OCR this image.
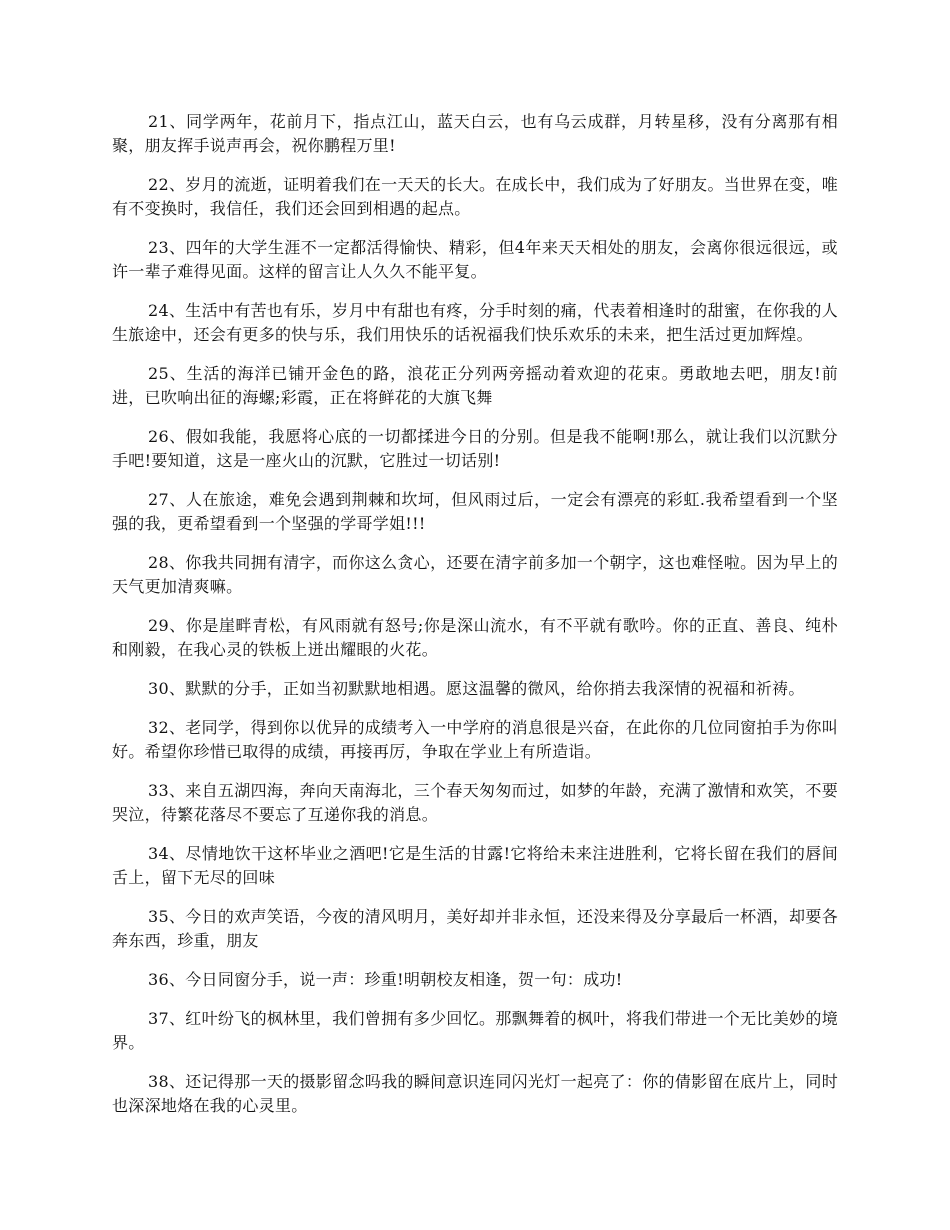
21、同学两年，花前月下，指点江山，蓝天白云，也有乌云成群，月转星移，没有分离那有相聚，朋友挥手说声再会，祝你鹏程万里!

22、岁月的流逝，证明着我们在一天天的长大。在成长中，我们成为了好朋友。当世界在变，唯有不变换时，我信任，我们还会回到相遇的起点。

23、四年的大学生涯不一定都活得愉快、精彩，但4年来天天相处的朋友，会离你很远很远，或许一辈子难得见面。这样的留言让人久久不能平复。

24、生活中有苦也有乐，岁月中有甜也有疼，分手时刻的痛，代表着相逢时的甜蜜，在你我的人生旅途中，还会有更多的快与乐，我们用快乐的话祝福我们快乐欢乐的未来，把生活过更加辉煌。

25、生活的海洋已铺开金色的路，浪花正分列两旁摇动着欢迎的花束。勇敢地去吧，朋友!前进，已吹响出征的海螺;彩霞，正在将鲜花的大旗飞舞

26、假如我能，我愿将心底的一切都揉进今日的分别。但是我不能啊!那么，就让我们以沉默分手吧!要知道，这是一座火山的沉默，它胜过一切话别!

27、人在旅途，难免会遇到荆棘和坎坷，但风雨过后，一定会有漂亮的彩虹.我希望看到一个坚强的我，更希望看到一个坚强的学哥学姐!!!

28、你我共同拥有清字，而你这么贪心，还要在清字前多加一个朝字，这也难怪啦。因为早上的天气更加清爽嘛。

29、你是崖畔青松，有风雨就有怒号;你是深山流水，有不平就有歌吟。你的正直、善良、纯朴和刚毅，在我心灵的铁板上迸出耀眼的火花。

30、默默的分手，正如当初默默地相遇。愿这温馨的微风，给你捎去我深情的祝福和祈祷。

32、老同学，得到你以优异的成绩考入一中学府的消息很是兴奋，在此你的几位同窗拍手为你叫好。希望你珍惜已取得的成绩，再接再厉，争取在学业上有所造诣。

33、来自五湖四海，奔向天南海北，三个春天匆匆而过，如梦的年龄，充满了激情和欢笑，不要哭泣，待繁花落尽不要忘了互递你我的消息。

34、尽情地饮干这杯毕业之酒吧!它是生活的甘露!它将给未来注进胜利，它将长留在我们的唇间舌上，留下无尽的回味

35、今日的欢声笑语，今夜的清风明月，美好却并非永恒，还没来得及分享最后一杯酒，却要各奔东西，珍重，朋友

36、今日同窗分手，说一声：珍重!明朝校友相逢，贺一句：成功!

37、红叶纷飞的枫林里，我们曾拥有多少回忆。那飘舞着的枫叶，将我们带进一个无比美妙的境界。

38、还记得那一天的摄影留念吗我的瞬间意识连同闪光灯一起亮了：你的倩影留在底片上，同时也深深地烙在我的心灵里。
